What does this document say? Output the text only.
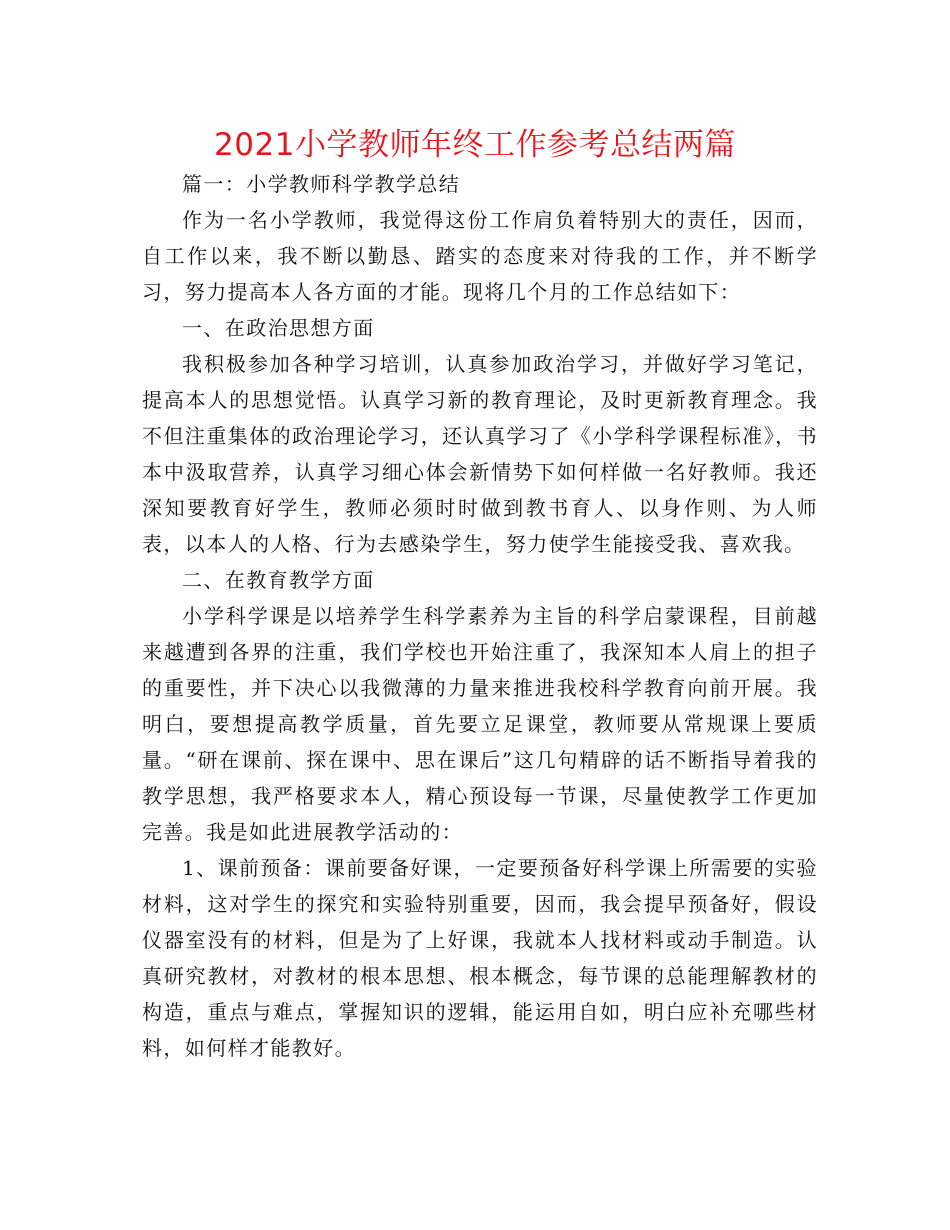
2021小学教师年终工作参考总结两篇

篇一：小学教师科学教学总结

作为一名小学教师，我觉得这份工作肩负着特别大的责任，因而，自工作以来，我不断以勤恳、踏实的态度来对待我的工作，并不断学习，努力提高本人各方面的才能。现将几个月的工作总结如下：

一、在政治思想方面

我积极参加各种学习培训，认真参加政治学习，并做好学习笔记，提高本人的思想觉悟。认真学习新的教育理论，及时更新教育理念。我不但注重集体的政治理论学习，还认真学习了《小学科学课程标准》，书本中汲取营养，认真学习细心体会新情势下如何样做一名好教师。我还深知要教育好学生，教师必须时时做到教书育人、以身作则、为人师表，以本人的人格、行为去感染学生，努力使学生能接受我、喜欢我。

二、在教育教学方面

小学科学课是以培养学生科学素养为主旨的科学启蒙课程，目前越来越遭到各界的注重，我们学校也开始注重了，我深知本人肩上的担子的重要性，并下决心以我微薄的力量来推进我校科学教育向前开展。我明白，要想提高教学质量，首先要立足课堂，教师要从常规课上要质量。“研在课前、探在课中、思在课后”这几句精辟的话不断指导着我的教学思想，我严格要求本人，精心预设每一节课，尽量使教学工作更加完善。我是如此进展教学活动的：

1、课前预备：课前要备好课，一定要预备好科学课上所需要的实验材料，这对学生的探究和实验特别重要，因而，我会提早预备好，假设仪器室没有的材料，但是为了上好课，我就本人找材料或动手制造。认真研究教材，对教材的根本思想、根本概念，每节课的总能理解教材的构造，重点与难点，掌握知识的逻辑，能运用自如，明白应补充哪些材料，如何样才能教好。
